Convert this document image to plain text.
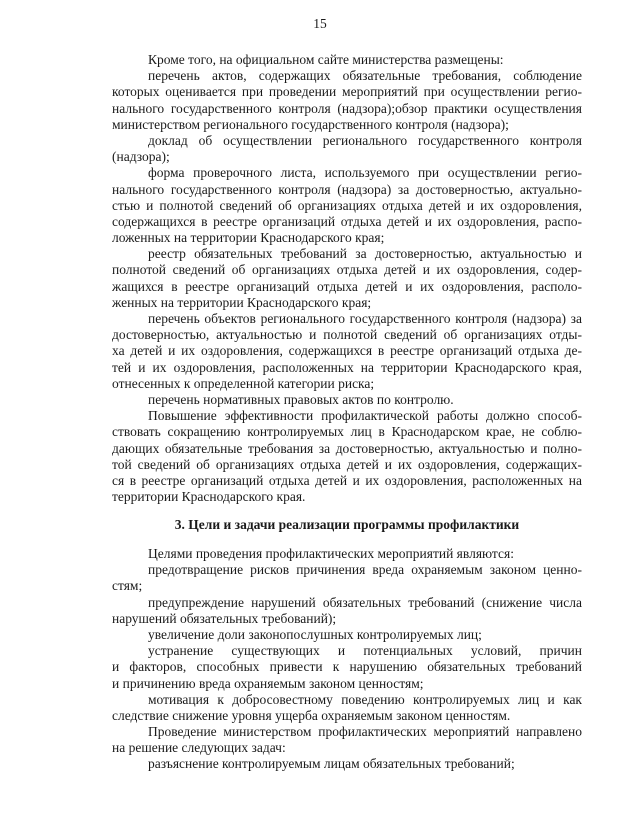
15
Кроме того, на официальном сайте министерства размещены:
перечень актов, содержащих обязательные требования, соблюдение
которых оценивается при проведении мероприятий при осуществлении регио-
нального государственного контроля (надзора);обзор практики осуществления
министерством регионального государственного контроля (надзора);
доклад об осуществлении регионального государственного контроля
(надзора);
форма проверочного листа, используемого при осуществлении регио-
нального государственного контроля (надзора) за достоверностью, актуально-
стью и полнотой сведений об организациях отдыха детей и их оздоровления,
содержащихся в реестре организаций отдыха детей и их оздоровления, распо-
ложенных на территории Краснодарского края;
реестр обязательных требований за достоверностью, актуальностью и
полнотой сведений об организациях отдыха детей и их оздоровления, содер-
жащихся в реестре организаций отдыха детей и их оздоровления, располо-
женных на территории Краснодарского края;
перечень объектов регионального государственного контроля (надзора) за
достоверностью, актуальностью и полнотой сведений об организациях отды-
ха детей и их оздоровления, содержащихся в реестре организаций отдыха де-
тей и их оздоровления, расположенных на территории Краснодарского края,
отнесенных к определенной категории риска;
перечень нормативных правовых актов по контролю.
Повышение эффективности профилактической работы должно способ-
ствовать сокращению контролируемых лиц в Краснодарском крае, не соблю-
дающих обязательные требования за достоверностью, актуальностью и полно-
той сведений об организациях отдыха детей и их оздоровления, содержащих-
ся в реестре организаций отдыха детей и их оздоровления, расположенных на
территории Краснодарского края.
3. Цели и задачи реализации программы профилактики
Целями проведения профилактических мероприятий являются:
предотвращение рисков причинения вреда охраняемым законом ценно-
стям;
предупреждение нарушений обязательных требований (снижение числа
нарушений обязательных требований);
увеличение доли законопослушных контролируемых лиц;
устранение существующих и потенциальных условий, причин
и факторов, способных привести к нарушению обязательных требований
и причинению вреда охраняемым законом ценностям;
мотивация к добросовестному поведению контролируемых лиц и как
следствие снижение уровня ущерба охраняемым законом ценностям.
Проведение министерством профилактических мероприятий направлено
на решение следующих задач:
разъяснение контролируемым лицам обязательных требований;
